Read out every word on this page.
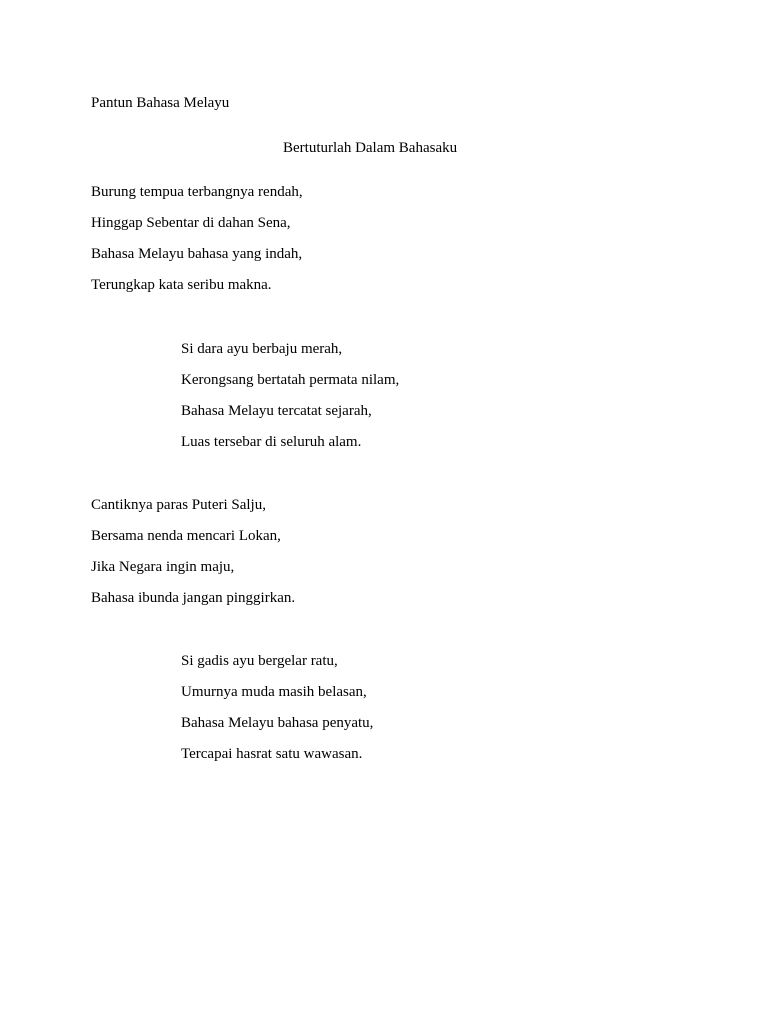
Pantun Bahasa Melayu
Bertuturlah Dalam Bahasaku
Burung tempua terbangnya rendah,
Hinggap Sebentar di dahan Sena,
Bahasa Melayu bahasa yang indah,
Terungkap kata seribu makna.
Si dara ayu berbaju merah,
Kerongsang bertatah permata nilam,
Bahasa Melayu tercatat sejarah,
Luas tersebar di seluruh alam.
Cantiknya paras Puteri Salju,
Bersama nenda mencari Lokan,
Jika Negara ingin maju,
Bahasa ibunda jangan pinggirkan.
Si gadis ayu bergelar ratu,
Umurnya muda masih belasan,
Bahasa Melayu bahasa penyatu,
Tercapai hasrat satu wawasan.
